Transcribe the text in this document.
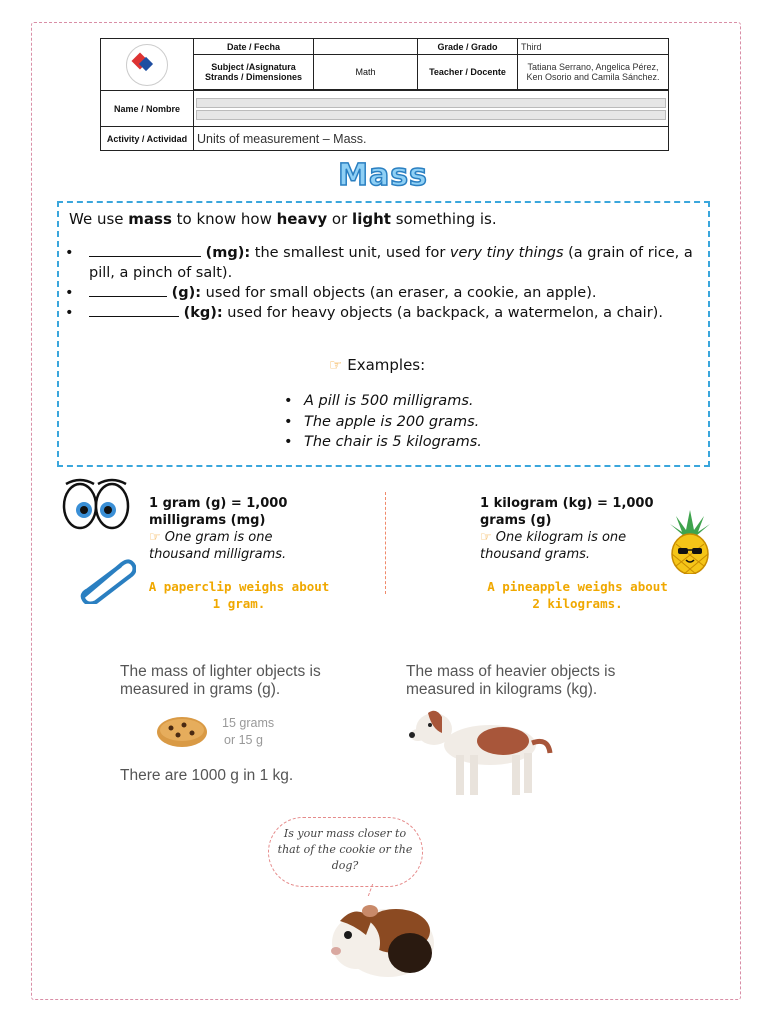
	Date / Fecha		Grade / Grado	Third
	Subject /Asignatura Strands / Dimensiones	Math	Teacher / Docente	Tatiana Serrano, Angelica Pérez, Ken Osorio and Camila Sánchez.

Name / Nombre				

Activity / Actividad	Units of measurement – Mass.			
Mass
We use mass to know how heavy or light something is.
• (mg): the smallest unit, used for very tiny things (a grain of rice, a pill, a pinch of salt).
• (g): used for small objects (an eraser, a cookie, an apple).
• (kg): used for heavy objects (a backpack, a watermelon, a chair).
☞ Examples:
• A pill is 500 milligrams.
• The apple is 200 grams.
• The chair is 5 kilograms.
1 gram (g) = 1,000 milligrams (mg)
☞ One gram is one thousand milligrams.
A paperclip weighs about 1 gram.
1 kilogram (kg) = 1,000 grams (g)
☞ One kilogram is one thousand grams.
A pineapple weighs about 2 kilograms.
The mass of lighter objects is measured in grams (g).
15 grams
or 15 g
There are 1000 g in 1 kg.
The mass of heavier objects is measured in kilograms (kg).
Is your mass closer to that of the cookie or the dog?
